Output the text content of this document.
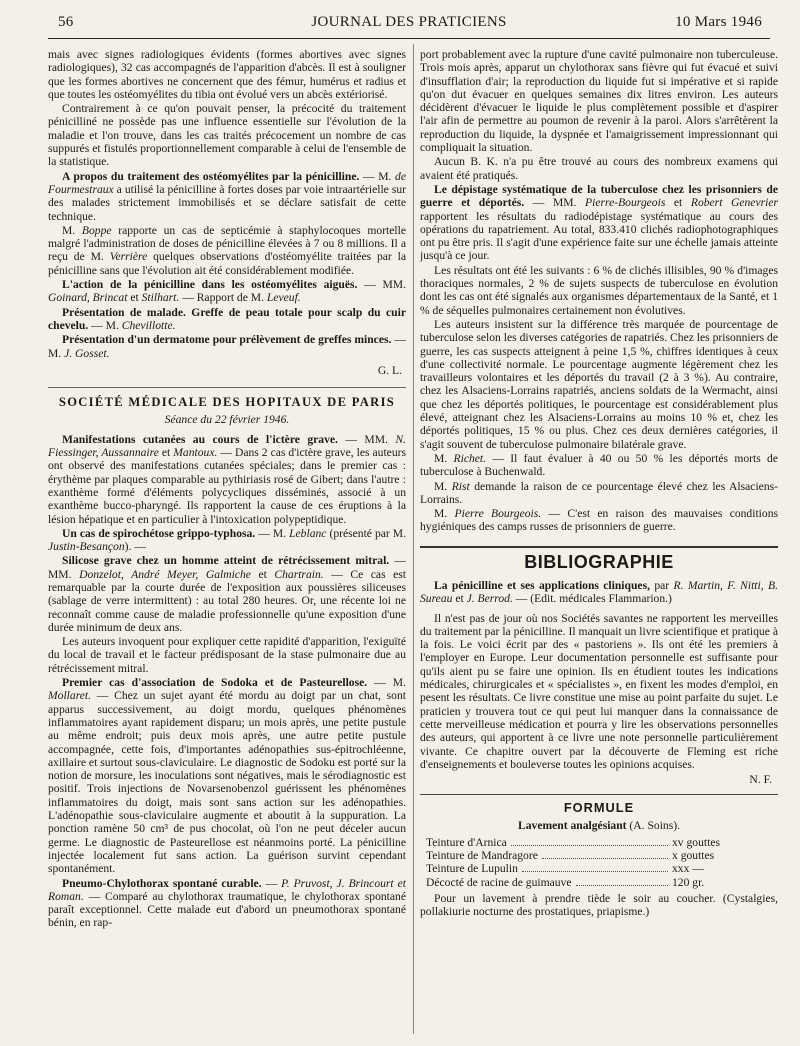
56	JOURNAL DES PRATICIENS	10 Mars 1946

mais avec signes radiologiques évidents (formes abortives avec signes radiologiques), 32 cas accompagnés de l'apparition d'abcès. Il est à souligner que les formes abortives ne concernent que des fémur, humérus et radius et que toutes les ostéomyélites du tibia ont évolué vers un abcès extériorisé.

Contrairement à ce qu'on pouvait penser, la précocité du traitement pénicilliné ne possède pas une influence essentielle sur l'évolution de la maladie et l'on trouve, dans les cas traités précocement un nombre de cas suppurés et fistulés proportionnellement comparable à celui de l'ensemble de la statistique.

A propos du traitement des ostéomyélites par la pénicilline. — M. de Fourmestraux a utilisé la pénicilline à fortes doses par voie intraartérielle sur des malades strictement immobilisés et se déclare satisfait de cette technique.

M. Boppe rapporte un cas de septicémie à staphylocoques mortelle malgré l'administration de doses de pénicilline élevées à 7 ou 8 millions. Il a reçu de M. Verrière quelques observations d'ostéomyélite traitées par la pénicilline sans que l'évolution ait été considérablement modifiée.

L'action de la pénicilline dans les ostéomyélites aiguës. — MM. Goinard, Brincat et Stilhart. — Rapport de M. Leveuf.

Présentation de malade. Greffe de peau totale pour scalp du cuir chevelu. — M. Chevillotte.

Présentation d'un dermatome pour prélèvement de greffes minces. — M. J. Gosset.

G. L.
SOCIÉTÉ MÉDICALE DES HOPITAUX DE PARIS
Séance du 22 février 1946.

Manifestations cutanées au cours de l'ictère grave. — MM. N. Fiessinger, Aussannaire et Mantoux. — Dans 2 cas d'ictère grave, les auteurs ont observé des manifestations cutanées spéciales; dans le premier cas : érythème par plaques comparable au pythiriasis rosé de Gibert; dans l'autre : exanthème formé d'éléments polycycliques disséminés, associé à un exanthème bucco-pharyngé. Ils rapportent la cause de ces éruptions à la lésion hépatique et en particulier à l'intoxication polypeptidique.

Un cas de spirochétose grippo-typhosa. — M. Leblanc (présenté par M. Justin-Besançon). —

Silicose grave chez un homme atteint de rétrécissement mitral. — MM. Donzelot, André Meyer, Galmiche et Chartrain. — Ce cas est remarquable par la courte durée de l'exposition aux poussières siliceuses (sablage de verre intermittent) : au total 280 heures. Or, une récente loi ne reconnaît comme cause de maladie professionnelle qu'une exposition d'une durée minimum de deux ans.

Les auteurs invoquent pour expliquer cette rapidité d'apparition, l'exiguïté du local de travail et le facteur prédisposant de la stase pulmonaire due au rétrécissement mitral.

Premier cas d'association de Sodoka et de Pasteurellose. — M. Mollaret. — Chez un sujet ayant été mordu au doigt par un chat, sont apparus successivement, au doigt mordu, quelques phénomènes inflammatoires ayant rapidement disparu; un mois après, une petite pustule au même endroit; puis deux mois après, une autre petite pustule accompagnée, cette fois, d'importantes adénopathies sus-épitrochléenne, axillaire et surtout sous-claviculaire. Le diagnostic de Sodoku est porté sur la notion de morsure, les inoculations sont négatives, mais le sérodiagnostic est positif. Trois injections de Novarsenobenzol guérissent les phénomènes inflammatoires du doigt, mais sont sans action sur les adénopathies. L'adénopathie sous-claviculaire augmente et aboutit à la suppuration. La ponction ramène 50 cm³ de pus chocolat, où l'on ne peut déceler aucun germe. Le diagnostic de Pasteurellose est néanmoins porté. La pénicilline injectée localement fut sans action. La guérison survint cependant spontanément.

Pneumo-Chylothorax spontané curable. — P. Pruvost, J. Brincourt et Roman. — Comparé au chylothorax traumatique, le chylothorax spontané paraît exceptionnel. Cette malade eut d'abord un pneumothorax spontané bénin, en rap-

port probablement avec la rupture d'une cavité pulmonaire non tuberculeuse. Trois mois après, apparut un chylothorax sans fièvre qui fut évacué et suivi d'insufflation d'air; la reproduction du liquide fut si impérative et si rapide qu'on dut évacuer en quelques semaines dix litres environ. Les auteurs décidèrent d'évacuer le liquide le plus complètement possible et d'aspirer l'air afin de permettre au poumon de revenir à la paroi. Alors s'arrêtèrent la reproduction du liquide, la dyspnée et l'amaigrissement impressionnant qui compliquait la situation.

Aucun B. K. n'a pu être trouvé au cours des nombreux examens qui avaient été pratiqués.

Le dépistage systématique de la tuberculose chez les prisonniers de guerre et déportés. — MM. Pierre-Bourgeois et Robert Genevrier rapportent les résultats du radiodépistage systématique au cours des opérations du rapatriement. Au total, 833.410 clichés radiophotographiques ont pu être pris. Il s'agit d'une expérience faite sur une échelle jamais atteinte jusqu'à ce jour.

Les résultats ont été les suivants : 6 % de clichés illisibles, 90 % d'images thoraciques normales, 2 % de sujets suspects de tuberculose en évolution dont les cas ont été signalés aux organismes départementaux de la Santé, et 1 % de séquelles pulmonaires certainement non évolutives.

Les auteurs insistent sur la différence très marquée de pourcentage de tuberculose selon les diverses catégories de rapatriés. Chez les prisonniers de guerre, les cas suspects atteignent à peine 1,5 %, chiffres identiques à ceux d'une collectivité normale. Le pourcentage augmente légèrement chez les travailleurs volontaires et les déportés du travail (2 à 3 %). Au contraire, chez les Alsaciens-Lorrains rapatriés, anciens soldats de la Wermacht, ainsi que chez les déportés politiques, le pourcentage est considérablement plus élevé, atteignant chez les Alsaciens-Lorrains au moins 10 % et, chez les déportés politiques, 15 % ou plus. Chez ces deux dernières catégories, il s'agit souvent de tuberculose pulmonaire bilatérale grave.

M. Richet. — Il faut évaluer à 40 ou 50 % les déportés morts de tuberculose à Buchenwald.

M. Rist demande la raison de ce pourcentage élevé chez les Alsaciens-Lorrains.

M. Pierre Bourgeois. — C'est en raison des mauvaises conditions hygiéniques des camps russes de prisonniers de guerre.

BIBLIOGRAPHIE

La pénicilline et ses applications cliniques, par R. Martin, F. Nitti, B. Sureau et J. Berrod. — (Edit. médicales Flammarion.)

Il n'est pas de jour où nos Sociétés savantes ne rapportent les merveilles du traitement par la pénicilline. Il manquait un livre scientifique et pratique à la fois. Le voici écrit par des « pastoriens ». Ils ont été les premiers à l'employer en Europe. Leur documentation personnelle est suffisante pour qu'ils aient pu se faire une opinion. Ils en étudient toutes les indications médicales, chirurgicales et « spécialistes », en fixent les modes d'emploi, en pesent les résultats. Ce livre constitue une mise au point parfaite du sujet. Le praticien y trouvera tout ce qui peut lui manquer dans la connaissance de cette merveilleuse médication et pourra y lire les observations personnelles des auteurs, qui apportent à ce livre une note personnelle particulièrement vivante. Ce chapitre ouvert par la découverte de Fleming est riche d'enseignements et bouleverse toutes les opinions acquises.

N. F.
FORMULE
Lavement analgésiant (A. Soins).
Teinture d'Arnica	xv gouttes
Teinture de Mandragore	x gouttes
Teinture de Lupulin	xxx —
Décocté de racine de guimauve	120 gr.

Pour un lavement à prendre tiède le soir au coucher. (Cystalgies, pollakiurie nocturne des prostatiques, priapisme.)
